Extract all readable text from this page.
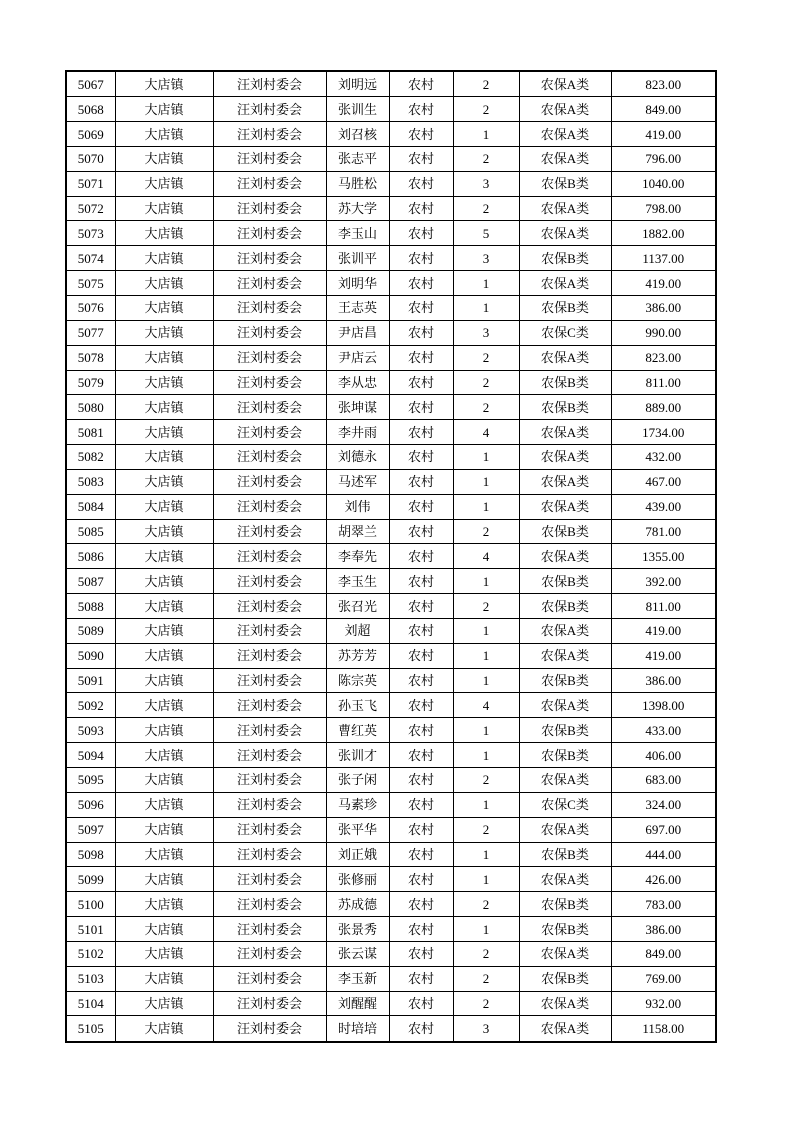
5067	大店镇	汪刘村委会	刘明远	农村	2	农保A类	823.00
5068	大店镇	汪刘村委会	张训生	农村	2	农保A类	849.00
5069	大店镇	汪刘村委会	刘召核	农村	1	农保A类	419.00
5070	大店镇	汪刘村委会	张志平	农村	2	农保A类	796.00
5071	大店镇	汪刘村委会	马胜松	农村	3	农保B类	1040.00
5072	大店镇	汪刘村委会	苏大学	农村	2	农保A类	798.00
5073	大店镇	汪刘村委会	李玉山	农村	5	农保A类	1882.00
5074	大店镇	汪刘村委会	张训平	农村	3	农保B类	1137.00
5075	大店镇	汪刘村委会	刘明华	农村	1	农保A类	419.00
5076	大店镇	汪刘村委会	王志英	农村	1	农保B类	386.00
5077	大店镇	汪刘村委会	尹店昌	农村	3	农保C类	990.00
5078	大店镇	汪刘村委会	尹店云	农村	2	农保A类	823.00
5079	大店镇	汪刘村委会	李从忠	农村	2	农保B类	811.00
5080	大店镇	汪刘村委会	张坤谋	农村	2	农保B类	889.00
5081	大店镇	汪刘村委会	李井雨	农村	4	农保A类	1734.00
5082	大店镇	汪刘村委会	刘德永	农村	1	农保A类	432.00
5083	大店镇	汪刘村委会	马述军	农村	1	农保A类	467.00
5084	大店镇	汪刘村委会	刘伟	农村	1	农保A类	439.00
5085	大店镇	汪刘村委会	胡翠兰	农村	2	农保B类	781.00
5086	大店镇	汪刘村委会	李奉先	农村	4	农保A类	1355.00
5087	大店镇	汪刘村委会	李玉生	农村	1	农保B类	392.00
5088	大店镇	汪刘村委会	张召光	农村	2	农保B类	811.00
5089	大店镇	汪刘村委会	刘超	农村	1	农保A类	419.00
5090	大店镇	汪刘村委会	苏芳芳	农村	1	农保A类	419.00
5091	大店镇	汪刘村委会	陈宗英	农村	1	农保B类	386.00
5092	大店镇	汪刘村委会	孙玉飞	农村	4	农保A类	1398.00
5093	大店镇	汪刘村委会	曹红英	农村	1	农保B类	433.00
5094	大店镇	汪刘村委会	张训才	农村	1	农保B类	406.00
5095	大店镇	汪刘村委会	张子闲	农村	2	农保A类	683.00
5096	大店镇	汪刘村委会	马素珍	农村	1	农保C类	324.00
5097	大店镇	汪刘村委会	张平华	农村	2	农保A类	697.00
5098	大店镇	汪刘村委会	刘正娥	农村	1	农保B类	444.00
5099	大店镇	汪刘村委会	张修丽	农村	1	农保A类	426.00
5100	大店镇	汪刘村委会	苏成德	农村	2	农保B类	783.00
5101	大店镇	汪刘村委会	张景秀	农村	1	农保B类	386.00
5102	大店镇	汪刘村委会	张云谋	农村	2	农保A类	849.00
5103	大店镇	汪刘村委会	李玉新	农村	2	农保B类	769.00
5104	大店镇	汪刘村委会	刘醒醒	农村	2	农保A类	932.00
5105	大店镇	汪刘村委会	时培培	农村	3	农保A类	1158.00
